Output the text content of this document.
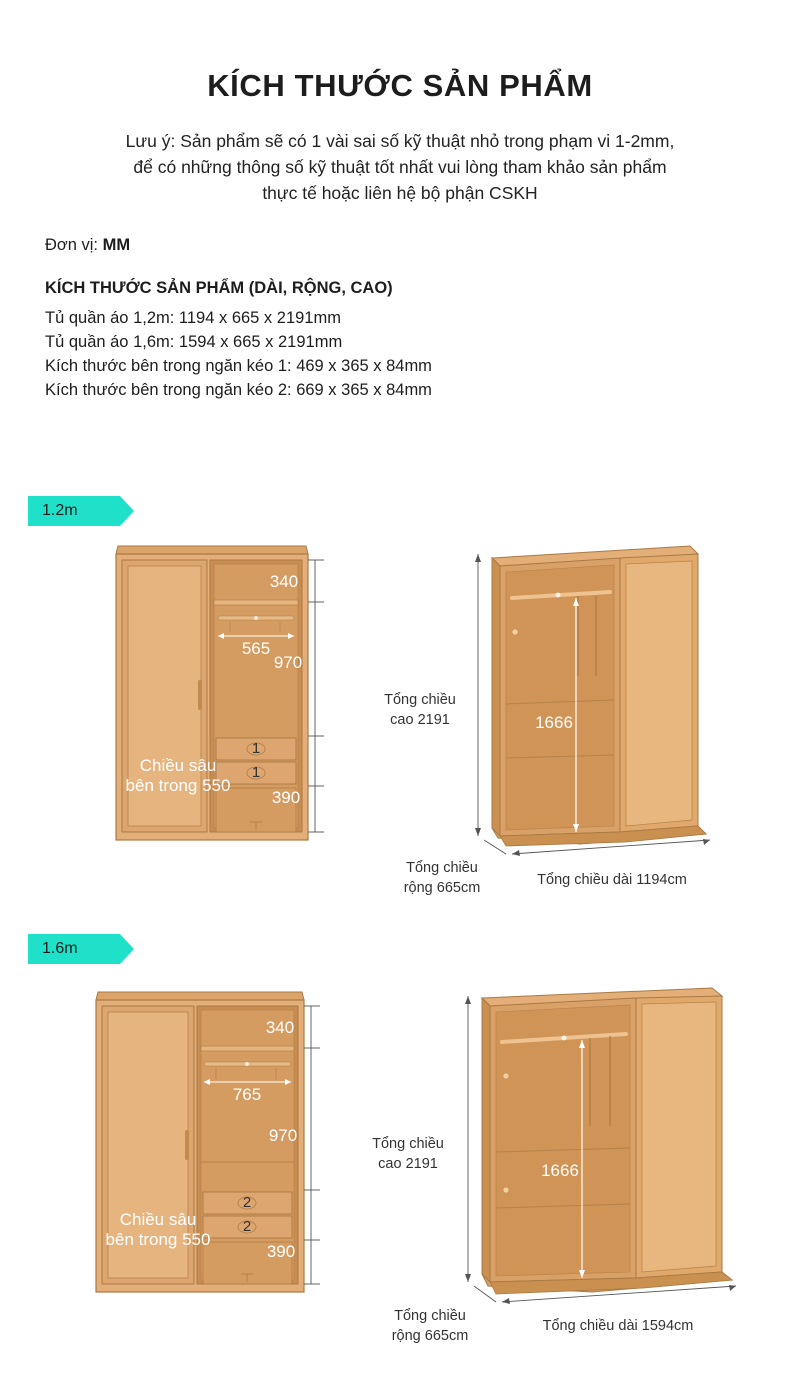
KÍCH THƯỚC SẢN PHẨM
Lưu ý: Sản phẩm sẽ có 1 vài sai số kỹ thuật nhỏ trong phạm vi 1-2mm,
để có những thông số kỹ thuật tốt nhất vui lòng tham khảo sản phẩm
thực tế hoặc liên hệ bộ phận CSKH
Đơn vị: MM
KÍCH THƯỚC SẢN PHẨM (DÀI, RỘNG, CAO)
Tủ quần áo 1,2m: 1194 x 665 x 2191mm
Tủ quần áo 1,6m: 1594 x 665 x 2191mm
Kích thước bên trong ngăn kéo 1: 469 x 365 x 84mm
Kích thước bên trong ngăn kéo 2: 669 x 365 x 84mm
1.2m
1
1
340
970
390
565
Chiều sâu
bên trong 550
Tổng chiều
cao 2191	1666
Tổng chiều
rộng 665cm	Tổng chiều dài 1194cm
1.6m
2
2
340
970
390
765
Chiều sâu
bên trong 550
Tổng chiều
cao 2191	1666
Tổng chiều
rộng 665cm
Tổng chiều dài 1594cm
